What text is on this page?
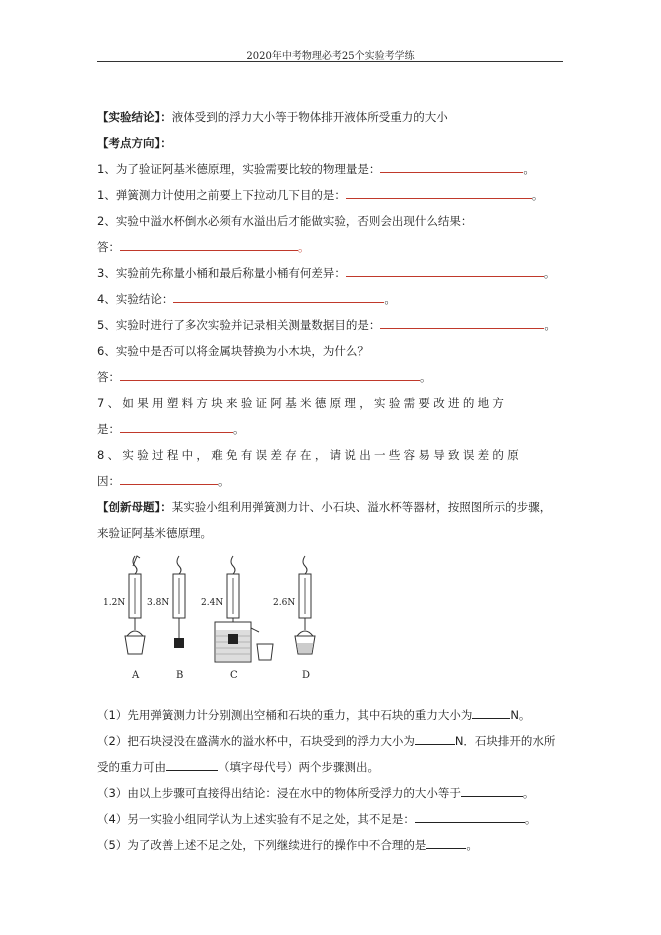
2020年中考物理必考25个实验考学练
【实验结论】：液体受到的浮力大小等于物体排开液体所受重力的大小
【考点方向】：
1、为了验证阿基米德原理，实验需要比较的物理量是：	。
1、弹簧测力计使用之前要上下拉动几下目的是：	。
2、实验中溢水杯倒水必须有水溢出后才能做实验，否则会出现什么结果：
答：	。
3、实验前先称量小桶和最后称量小桶有何差异：	。
4、实验结论：	。
5、实验时进行了多次实验并记录相关测量数据目的是：	。
6、实验中是否可以将金属块替换为小木块，为什么？
答：	。
7、如果用塑料方块来验证阿基米德原理，实验需要改进的地方
是：	。
8、实验过程中，难免有误差存在，请说出一些容易导致误差的原
因：	。
【创新母题】：某实验小组利用弹簧测力计、小石块、溢水杯等器材，按照图所示的步骤，
来验证阿基米德原理。
1.2N
A
3.8N
B
2.4N
C
2.6N
D
（1）先用弹簧测力计分别测出空桶和石块的重力，其中石块的重力大小为	N。
（2）把石块浸没在盛满水的溢水杯中，石块受到的浮力大小为	N．石块排开的水所
受的重力可由	（填字母代号）两个步骤测出。
（3）由以上步骤可直接得出结论：浸在水中的物体所受浮力的大小等于	。
（4）另一实验小组同学认为上述实验有不足之处，其不足是：	。
（5）为了改善上述不足之处，下列继续进行的操作中不合理的是	。
